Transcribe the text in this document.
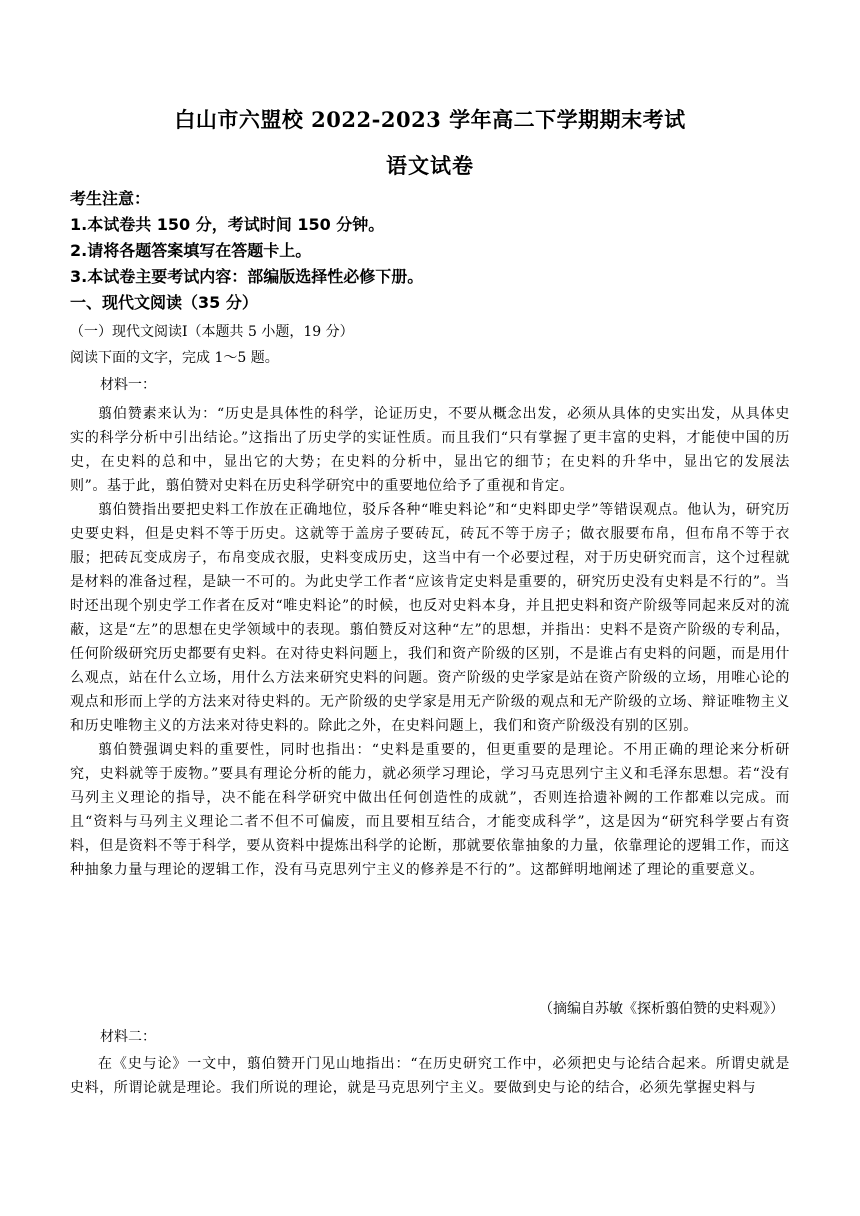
白山市六盟校 2022-2023 学年高二下学期期末考试
语文试卷
考生注意：
1.本试卷共 150 分，考试时间 150 分钟。
2.请将各题答案填写在答题卡上。
3.本试卷主要考试内容：部编版选择性必修下册。
一、现代文阅读（35 分）
（一）现代文阅读Ⅰ（本题共 5 小题，19 分）
阅读下面的文字，完成 1～5 题。
材料一：

翦伯赞素来认为：“历史是具体性的科学，论证历史，不要从概念出发，必须从具体的史实出发，从具体史实的科学分析中引出结论。”这指出了历史学的实证性质。而且我们“只有掌握了更丰富的史料，才能使中国的历史，在史料的总和中，显出它的大势；在史料的分析中，显出它的细节；在史料的升华中，显出它的发展法则”。基于此，翦伯赞对史料在历史科学研究中的重要地位给予了重视和肯定。

翦伯赞指出要把史料工作放在正确地位，驳斥各种“唯史料论”和“史料即史学”等错误观点。他认为，研究历史要史料，但是史料不等于历史。这就等于盖房子要砖瓦，砖瓦不等于房子；做衣服要布帛，但布帛不等于衣服；把砖瓦变成房子，布帛变成衣服，史料变成历史，这当中有一个必要过程，对于历史研究而言，这个过程就是材料的准备过程，是缺一不可的。为此史学工作者“应该肯定史料是重要的，研究历史没有史料是不行的”。当时还出现个别史学工作者在反对“唯史料论”的时候，也反对史料本身，并且把史料和资产阶级等同起来反对的流蔽，这是“左”的思想在史学领域中的表现。翦伯赞反对这种“左”的思想，并指出：史料不是资产阶级的专利品，任何阶级研究历史都要有史料。在对待史料问题上，我们和资产阶级的区别，不是谁占有史料的问题，而是用什么观点，站在什么立场，用什么方法来研究史料的问题。资产阶级的史学家是站在资产阶级的立场，用唯心论的观点和形而上学的方法来对待史料的。无产阶级的史学家是用无产阶级的观点和无产阶级的立场、辩证唯物主义和历史唯物主义的方法来对待史料的。除此之外，在史料问题上，我们和资产阶级没有别的区别。

翦伯赞强调史料的重要性，同时也指出：“史料是重要的，但更重要的是理论。不用正确的理论来分析研究，史料就等于废物。”要具有理论分析的能力，就必须学习理论，学习马克思列宁主义和毛泽东思想。若“没有马列主义理论的指导，决不能在科学研究中做出任何创造性的成就”，否则连拾遗补阙的工作都难以完成。而且“资料与马列主义理论二者不但不可偏废，而且要相互结合，才能变成科学”，这是因为“研究科学要占有资料，但是资料不等于科学，要从资料中提炼出科学的论断，那就要依靠抽象的力量，依靠理论的逻辑工作，而这种抽象力量与理论的逻辑工作，没有马克思列宁主义的修养是不行的”。这都鲜明地阐述了理论的重要意义。

（摘编自苏敏《探析翦伯赞的史料观》）
材料二：

在《史与论》一文中，翦伯赞开门见山地指出：“在历史研究工作中，必须把史与论结合起来。所谓史就是史料，所谓论就是理论。我们所说的理论，就是马克思列宁主义。要做到史与论的结合，必须先掌握史料与
